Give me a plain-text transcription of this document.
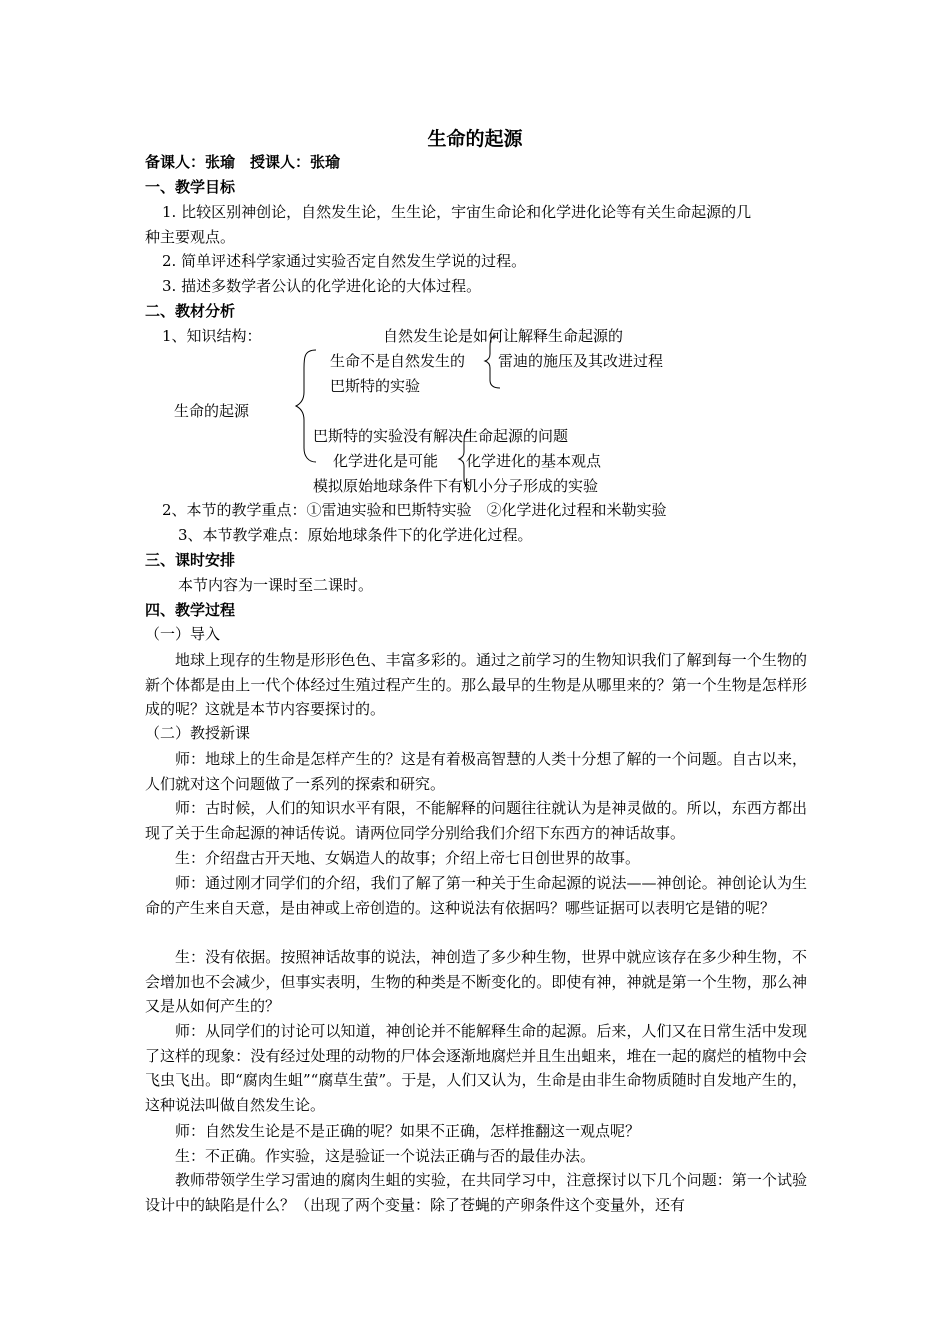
生命的起源
备课人：张瑜　授课人：张瑜
一、教学目标
1. 比较区别神创论，自然发生论，生生论，宇宙生命论和化学进化论等有关生命起源的几
种主要观点。
2. 简单评述科学家通过实验否定自然发生学说的过程。
3. 描述多数学者公认的化学进化论的大体过程。
二、教材分析
1、知识结构：	自然发生论是如何让解释生命起源的
生命不是自然发生的 雷迪的施压及其改进过程
巴斯特的实验
生命的起源
巴斯特的实验没有解决生命起源的问题
化学进化是可能 化学进化的基本观点
模拟原始地球条件下有机小分子形成的实验
2、本节的教学重点：①雷迪实验和巴斯特实验　②化学进化过程和米勒实验
3、本节教学难点：原始地球条件下的化学进化过程。
三、课时安排
本节内容为一课时至二课时。
四、教学过程
（一）导入
地球上现存的生物是形形色色、丰富多彩的。通过之前学习的生物知识我们了解到每一个生物的新个体都是由上一代个体经过生殖过程产生的。那么最早的生物是从哪里来的？第一个生物是怎样形成的呢？这就是本节内容要探讨的。
（二）教授新课
师：地球上的生命是怎样产生的？这是有着极高智慧的人类十分想了解的一个问题。自古以来，人们就对这个问题做了一系列的探索和研究。
师：古时候，人们的知识水平有限，不能解释的问题往往就认为是神灵做的。所以，东西方都出现了关于生命起源的神话传说。请两位同学分别给我们介绍下东西方的神话故事。
生：介绍盘古开天地、女娲造人的故事；介绍上帝七日创世界的故事。
师：通过刚才同学们的介绍，我们了解了第一种关于生命起源的说法——神创论。神创论认为生命的产生来自天意，是由神或上帝创造的。这种说法有依据吗？哪些证据可以表明它是错的呢？
生：没有依据。按照神话故事的说法，神创造了多少种生物，世界中就应该存在多少种生物，不会增加也不会减少，但事实表明，生物的种类是不断变化的。即使有神，神就是第一个生物，那么神又是从如何产生的？
师：从同学们的讨论可以知道，神创论并不能解释生命的起源。后来，人们又在日常生活中发现了这样的现象：没有经过处理的动物的尸体会逐渐地腐烂并且生出蛆来，堆在一起的腐烂的植物中会飞虫飞出。即“腐肉生蛆”“腐草生萤”。于是，人们又认为，生命是由非生命物质随时自发地产生的，这种说法叫做自然发生论。
师：自然发生论是不是正确的呢？如果不正确，怎样推翻这一观点呢？
生：不正确。作实验，这是验证一个说法正确与否的最佳办法。
教师带领学生学习雷迪的腐肉生蛆的实验，在共同学习中，注意探讨以下几个问题：第一个试验设计中的缺陷是什么？（出现了两个变量：除了苍蝇的产卵条件这个变量外，还有
